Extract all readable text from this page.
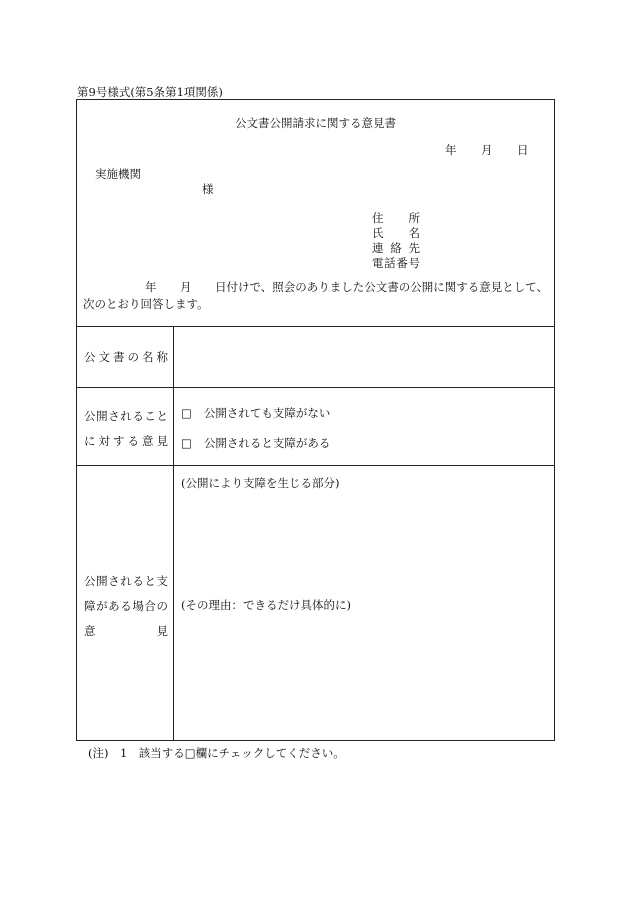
第9号様式(第5条第1項関係)
公文書公開請求に関する意見書
年 月 日
実施機関
様
住　所
氏　名
連絡先
電話番号
年 月 日付けで、照会のありました公文書の公開に関する意見として、
次のとおり回答します。
公文書の名称
公開されること
に対する意見
□ 公開されても支障がない
□ 公開されると支障がある
公開されると支
障がある場合の
意　　　　見
(公開により支障を生じる部分)
(その理由：できるだけ具体的に)
(注)　1　該当する□欄にチェックしてください。
